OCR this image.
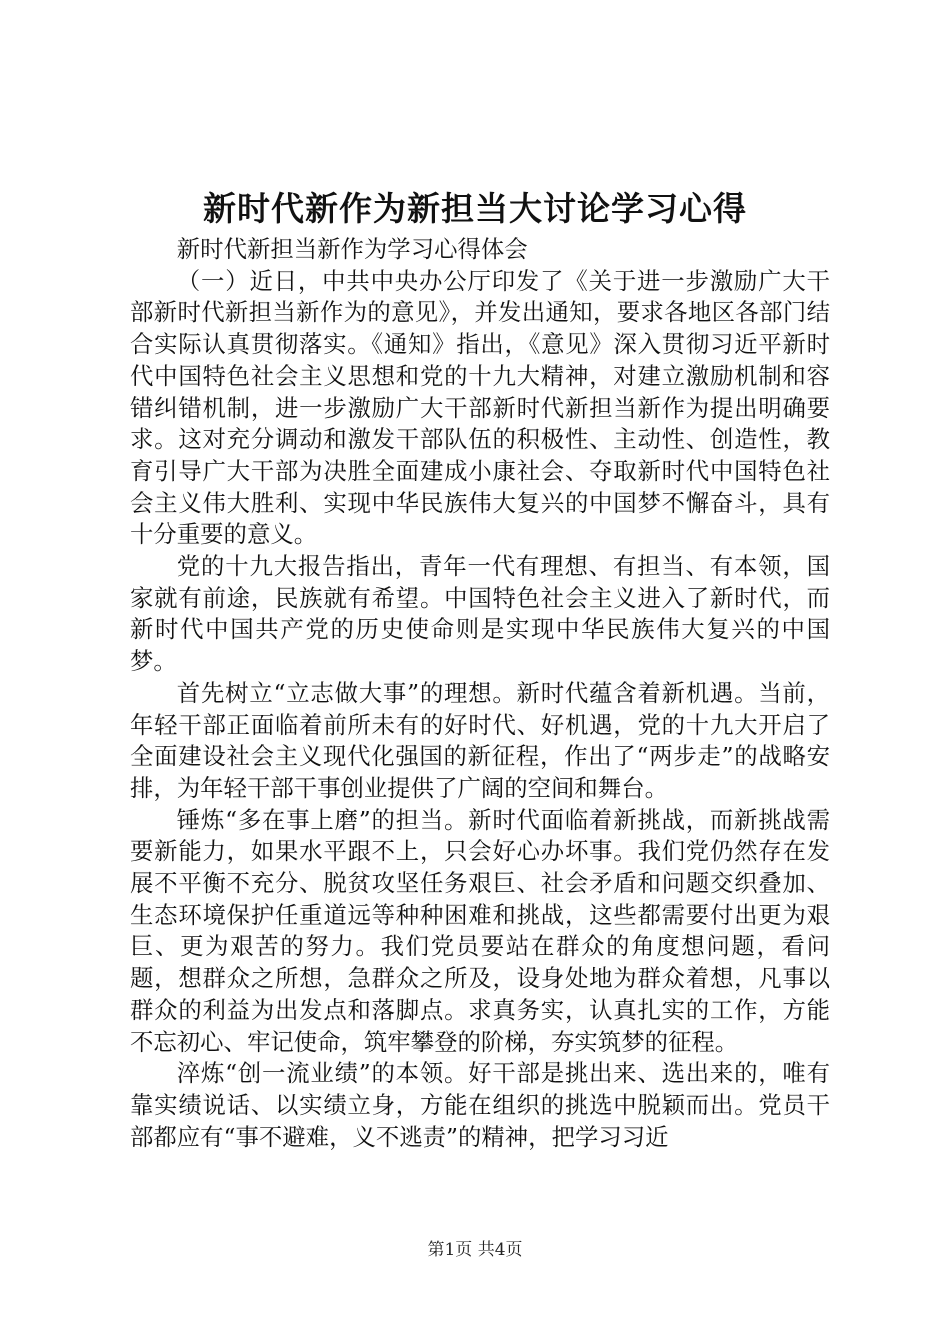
新时代新作为新担当大讨论学习心得

新时代新担当新作为学习心得体会

（一）近日，中共中央办公厅印发了《关于进一步激励广大干部新时代新担当新作为的意见》，并发出通知，要求各地区各部门结合实际认真贯彻落实。《通知》指出，《意见》深入贯彻习近平新时代中国特色社会主义思想和党的十九大精神，对建立激励机制和容错纠错机制，进一步激励广大干部新时代新担当新作为提出明确要求。这对充分调动和激发干部队伍的积极性、主动性、创造性，教育引导广大干部为决胜全面建成小康社会、夺取新时代中国特色社会主义伟大胜利、实现中华民族伟大复兴的中国梦不懈奋斗，具有十分重要的意义。

党的十九大报告指出，青年一代有理想、有担当、有本领，国家就有前途，民族就有希望。中国特色社会主义进入了新时代，而新时代中国共产党的历史使命则是实现中华民族伟大复兴的中国梦。

首先树立“立志做大事”的理想。新时代蕴含着新机遇。当前，年轻干部正面临着前所未有的好时代、好机遇，党的十九大开启了全面建设社会主义现代化强国的新征程，作出了“两步走”的战略安排，为年轻干部干事创业提供了广阔的空间和舞台。

锤炼“多在事上磨”的担当。新时代面临着新挑战，而新挑战需要新能力，如果水平跟不上，只会好心办坏事。我们党仍然存在发展不平衡不充分、脱贫攻坚任务艰巨、社会矛盾和问题交织叠加、生态环境保护任重道远等种种困难和挑战，这些都需要付出更为艰巨、更为艰苦的努力。我们党员要站在群众的角度想问题，看问题，想群众之所想，急群众之所及，设身处地为群众着想，凡事以群众的利益为出发点和落脚点。求真务实，认真扎实的工作，方能不忘初心、牢记使命，筑牢攀登的阶梯，夯实筑梦的征程。

淬炼“创一流业绩”的本领。好干部是挑出来、选出来的，唯有靠实绩说话、以实绩立身，方能在组织的挑选中脱颖而出。党员干部都应有“事不避难，义不逃责”的精神，把学习习近

第1页 共4页
